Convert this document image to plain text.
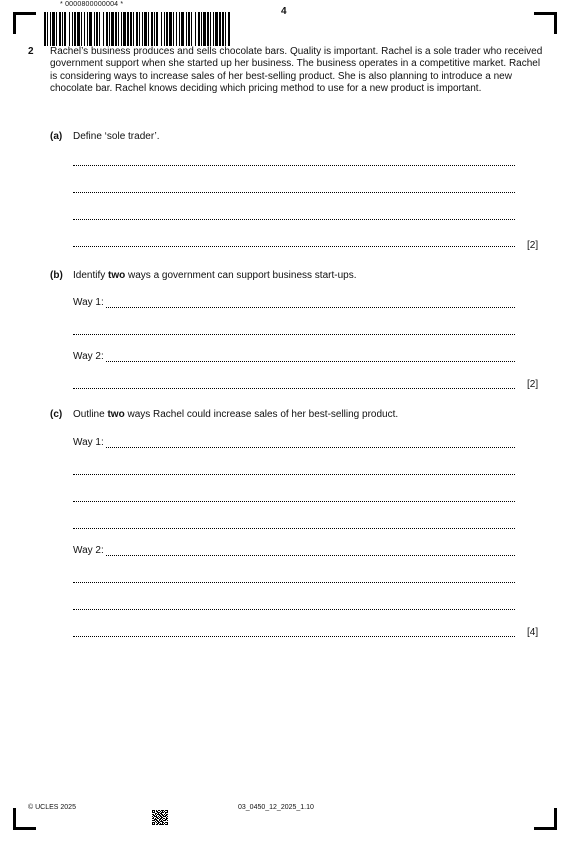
* 0000800000004 *
4
2 Rachel’s business produces and sells chocolate bars. Quality is important. Rachel is a sole trader who received government support when she started up her business. The business operates in a competitive market. Rachel is considering ways to increase sales of her best-selling product. She is also planning to introduce a new chocolate bar. Rachel knows deciding which pricing method to use for a new product is important.
(a) Define ‘sole trader’.
[2]
(b) Identify two ways a government can support business start-ups.
Way 1:
Way 2:
[2]
(c) Outline two ways Rachel could increase sales of her best-selling product.
Way 1:
Way 2:
[4]
© UCLES 2025	03_0450_12_2025_1.10
